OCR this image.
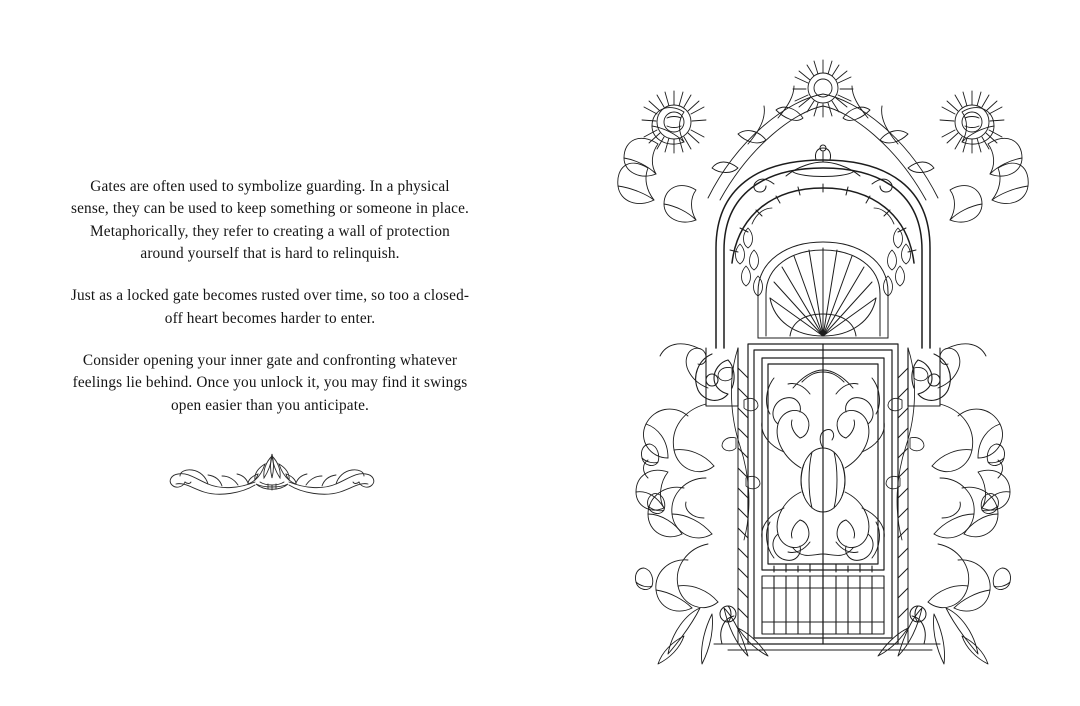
Gates are often used to symbolize guarding. In a physical sense, they can be used to keep something or someone in place. Metaphorically, they refer to creating a wall of protection around yourself that is hard to relinquish.

Just as a locked gate becomes rusted over time, so too a closed-off heart becomes harder to enter.

Consider opening your inner gate and confronting whatever feelings lie behind. Once you unlock it, you may find it swings open easier than you anticipate.
